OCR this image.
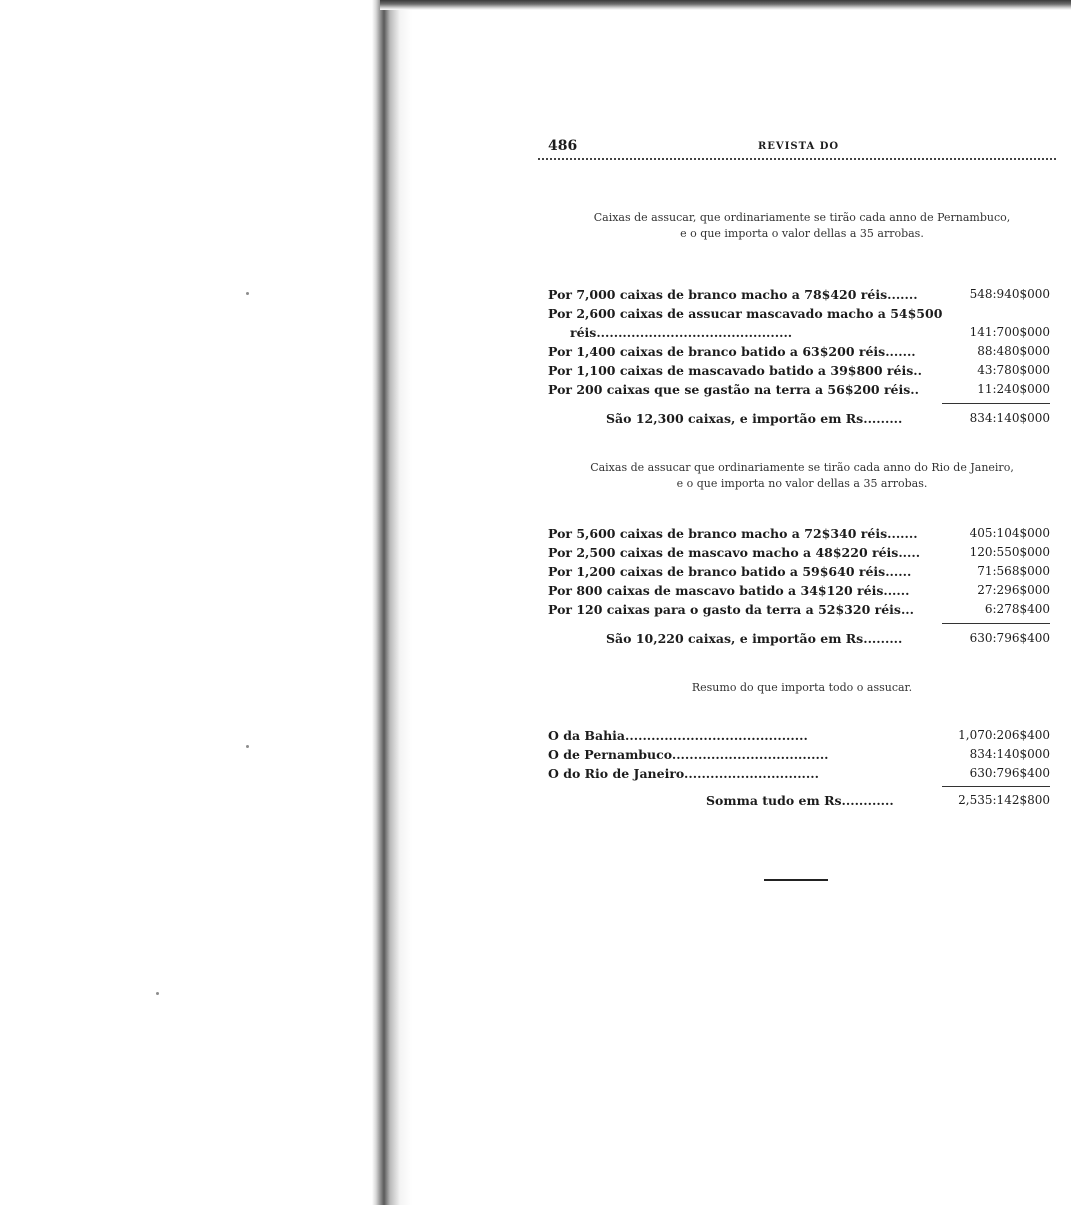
486	REVISTA DO
Caixas de assucar, que ordinariamente se tirão cada anno de Pernambuco,
e o que importa o valor dellas a 35 arrobas.
Por 7,000 caixas de branco macho a 78$420 réis.......	548:940$000
Por 2,600 caixas de assucar mascavado macho a 54$500
réis.............................................	141:700$000
Por 1,400 caixas de branco batido a 63$200 réis.......	88:480$000
Por 1,100 caixas de mascavado batido a 39$800 réis..	43:780$000
Por 200 caixas que se gastão na terra a 56$200 réis..	11:240$000
São 12,300 caixas, e importão em Rs.........	834:140$000
Caixas de assucar que ordinariamente se tirão cada anno do Rio de Janeiro,
e o que importa no valor dellas a 35 arrobas.
Por 5,600 caixas de branco macho a 72$340 réis.......	405:104$000
Por 2,500 caixas de mascavo macho a 48$220 réis.....	120:550$000
Por 1,200 caixas de branco batido a 59$640 réis......	71:568$000
Por 800 caixas de mascavo batido a 34$120 réis......	27:296$000
Por 120 caixas para o gasto da terra a 52$320 réis...	6:278$400
São 10,220 caixas, e importão em Rs.........	630:796$400
Resumo do que importa todo o assucar.
O da Bahia..........................................	1,070:206$400
O de Pernambuco....................................	834:140$000
O do Rio de Janeiro...............................	630:796$400
Somma tudo em Rs............	2,535:142$800
